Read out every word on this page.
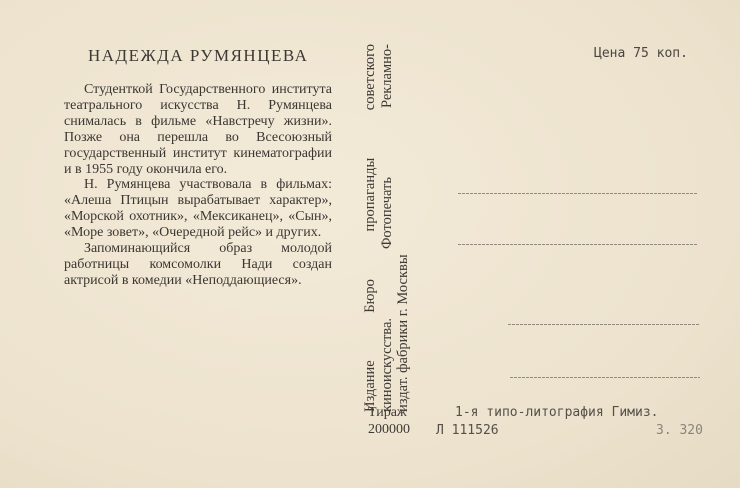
НАДЕЖДА РУМЯНЦЕВА

Студенткой Государственного института театрального искусства Н. Румянцева снималась в фильме «Навстречу жизни». Позже она перешла во Всесоюзный государственный институт кинематографии и в 1955 году окончила его.

Н. Румянцева участвовала в фильмах: «Алеша Птицын вырабатывает характер», «Морской охотник», «Мексиканец», «Сын», «Море зовет», «Очередной рейс» и других.

Запоминающийся образ молодой работницы комсомолки Нади создан актрисой в комедии «Неподдающиеся».	Издание Бюро пропаганды советского киноискусства. Фотопечать Рекламно- издат. фабрики г. Москвы
Цена 75 коп.
Тираж
200000
1-я типо-литография Гимиз.
Л 111526	З. 320
